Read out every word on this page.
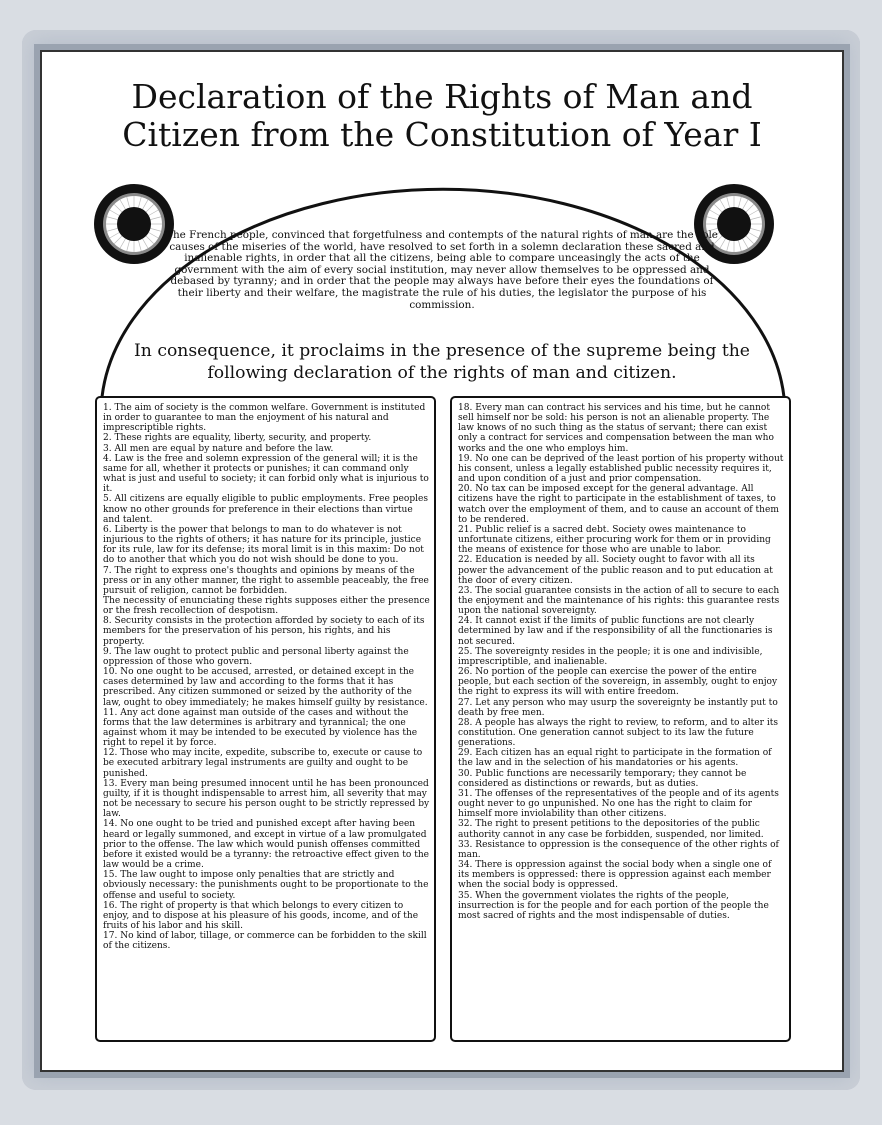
Declaration of the Rights of Man and
Citizen from the Constitution of Year I
The French people, convinced that forgetfulness and contempts of the natural rights of man are the sole causes of the miseries of the world, have resolved to set forth in a solemn declaration these sacred and inalienable rights, in order that all the citizens, being able to compare unceasingly the acts of the government with the aim of every social institution, may never allow themselves to be oppressed and debased by tyranny; and in order that the people may always have before their eyes the foundations of their liberty and their welfare, the magistrate the rule of his duties, the legislator the purpose of his commission.
In consequence, it proclaims in the presence of the supreme being the following declaration of the rights of man and citizen.

1. The aim of society is the common welfare. Government is instituted in order to guarantee to man the enjoyment of his natural and imprescriptible rights.

2. These rights are equality, liberty, security, and property.

3. All men are equal by nature and before the law.

4. Law is the free and solemn expression of the general will; it is the same for all, whether it protects or punishes; it can command only what is just and useful to society; it can forbid only what is injurious to it.

5. All citizens are equally eligible to public employments. Free peoples know no other grounds for preference in their elections than virtue and talent.

6. Liberty is the power that belongs to man to do whatever is not injurious to the rights of others; it has nature for its principle, justice for its rule, law for its defense; its moral limit is in this maxim: Do not do to another that which you do not wish should be done to you.

7. The right to express one's thoughts and opinions by means of the press or in any other manner, the right to assemble peaceably, the free pursuit of religion, cannot be forbidden.

The necessity of enunciating these rights supposes either the presence or the fresh recollection of despotism.

8. Security consists in the protection afforded by society to each of its members for the preservation of his person, his rights, and his property.

9. The law ought to protect public and personal liberty against the oppression of those who govern.

10. No one ought to be accused, arrested, or detained except in the cases determined by law and according to the forms that it has prescribed. Any citizen summoned or seized by the authority of the law, ought to obey immediately; he makes himself guilty by resistance.

11. Any act done against man outside of the cases and without the forms that the law determines is arbitrary and tyrannical; the one against whom it may be intended to be executed by violence has the right to repel it by force.

12. Those who may incite, expedite, subscribe to, execute or cause to be executed arbitrary legal instruments are guilty and ought to be punished.

13. Every man being presumed innocent until he has been pronounced guilty, if it is thought indispensable to arrest him, all severity that may not be necessary to secure his person ought to be strictly repressed by law.

14. No one ought to be tried and punished except after having been heard or legally summoned, and except in virtue of a law promulgated prior to the offense. The law which would punish offenses committed before it existed would be a tyranny: the retroactive effect given to the law would be a crime.

15. The law ought to impose only penalties that are strictly and obviously necessary: the punishments ought to be proportionate to the offense and useful to society.

16. The right of property is that which belongs to every citizen to enjoy, and to dispose at his pleasure of his goods, income, and of the fruits of his labor and his skill.

17. No kind of labor, tillage, or commerce can be forbidden to the skill of the citizens.

18. Every man can contract his services and his time, but he cannot sell himself nor be sold: his person is not an alienable property. The law knows of no such thing as the status of servant; there can exist only a contract for services and compensation between the man who works and the one who employs him.

19. No one can be deprived of the least portion of his property without his consent, unless a legally established public necessity requires it, and upon condition of a just and prior compensation.

20. No tax can be imposed except for the general advantage. All citizens have the right to participate in the establishment of taxes, to watch over the employment of them, and to cause an account of them to be rendered.

21. Public relief is a sacred debt. Society owes maintenance to unfortunate citizens, either procuring work for them or in providing the means of existence for those who are unable to labor.

22. Education is needed by all. Society ought to favor with all its power the advancement of the public reason and to put education at the door of every citizen.

23. The social guarantee consists in the action of all to secure to each the enjoyment and the maintenance of his rights: this guarantee rests upon the national sovereignty.

24. It cannot exist if the limits of public functions are not clearly determined by law and if the responsibility of all the functionaries is not secured.

25. The sovereignty resides in the people; it is one and indivisible, imprescriptible, and inalienable.

26. No portion of the people can exercise the power of the entire people, but each section of the sovereign, in assembly, ought to enjoy the right to express its will with entire freedom.

27. Let any person who may usurp the sovereignty be instantly put to death by free men.

28. A people has always the right to review, to reform, and to alter its constitution. One generation cannot subject to its law the future generations.

29. Each citizen has an equal right to participate in the formation of the law and in the selection of his mandatories or his agents.

30. Public functions are necessarily temporary; they cannot be considered as distinctions or rewards, but as duties.

31. The offenses of the representatives of the people and of its agents ought never to go unpunished. No one has the right to claim for himself more inviolability than other citizens.

32. The right to present petitions to the depositories of the public authority cannot in any case be forbidden, suspended, nor limited.

33. Resistance to oppression is the consequence of the other rights of man.

34. There is oppression against the social body when a single one of its members is oppressed: there is oppression against each member when the social body is oppressed.

35. When the government violates the rights of the people, insurrection is for the people and for each portion of the people the most sacred of rights and the most indispensable of duties.
